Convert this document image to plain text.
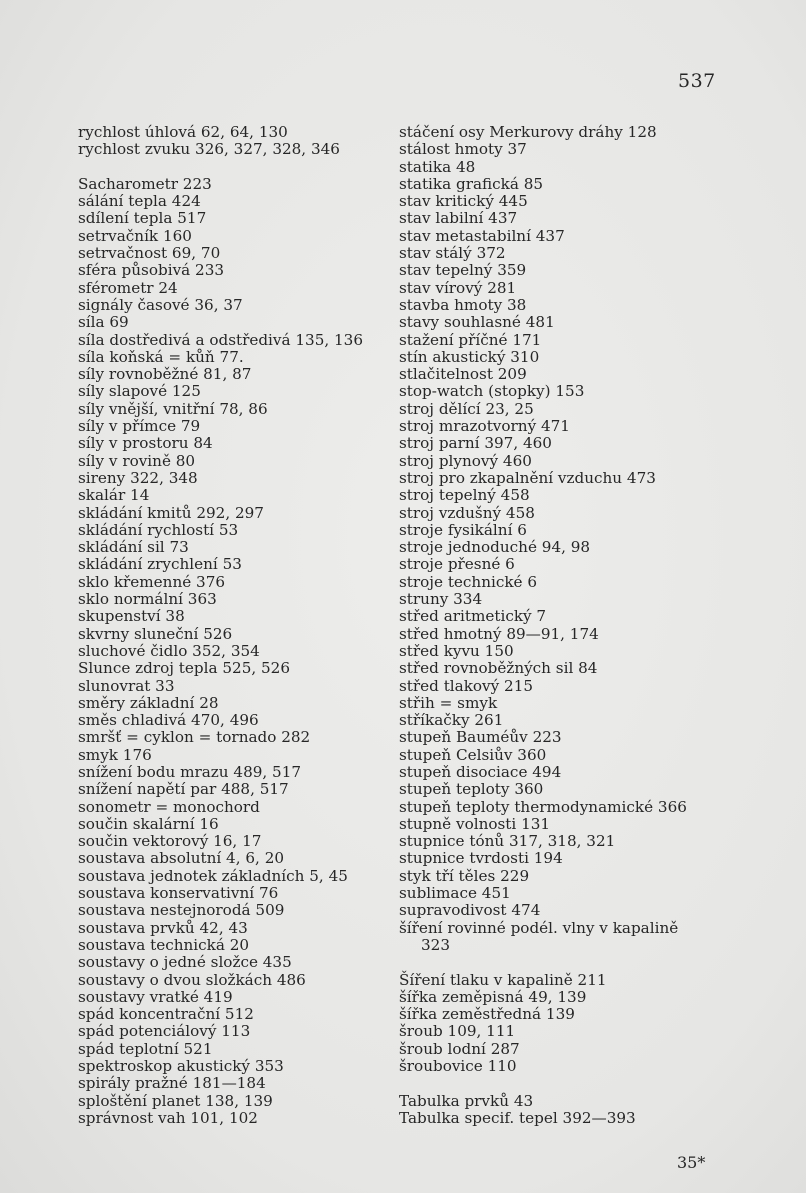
537
rychlost úhlová 62, 64, 130
rychlost zvuku 326, 327, 328, 346
Sacharometr 223
sálání tepla 424
sdílení tepla 517
setrvačník 160
setrvačnost 69, 70
sféra působivá 233
sférometr 24
signály časové 36, 37
síla 69
síla dostředivá a odstředivá 135, 136
síla koňská = kůň 77.
síly rovnoběžné 81, 87
síly slapové 125
síly vnější, vnitřní 78, 86
síly v přímce 79
síly v prostoru 84
síly v rovině 80
sireny 322, 348
skalár 14
skládání kmitů 292, 297
skládání rychlostí 53
skládání sil 73
skládání zrychlení 53
sklo křemenné 376
sklo normální 363
skupenství 38
skvrny sluneční 526
sluchové čidlo 352, 354
Slunce zdroj tepla 525, 526
slunovrat 33
směry základní 28
směs chladivá 470, 496
smršť = cyklon = tornado 282
smyk 176
snížení bodu mrazu 489, 517
snížení napětí par 488, 517
sonometr = monochord
součin skalární 16
součin vektorový 16, 17
soustava absolutní 4, 6, 20
soustava jednotek základních 5, 45
soustava konservativní 76
soustava nestejnorodá 509
soustava prvků 42, 43
soustava technická 20
soustavy o jedné složce 435
soustavy o dvou složkách 486
soustavy vratké 419
spád koncentrační 512
spád potenciálový 113
spád teplotní 521
spektroskop akustický 353
spirály pražné 181—184
sploštění planet 138, 139
správnost vah 101, 102
stáčení osy Merkurovy dráhy 128
stálost hmoty 37
statika 48
statika grafická 85
stav kritický 445
stav labilní 437
stav metastabilní 437
stav stálý 372
stav tepelný 359
stav vírový 281
stavba hmoty 38
stavy souhlasné 481
stažení příčné 171
stín akustický 310
stlačitelnost 209
stop-watch (stopky) 153
stroj dělící 23, 25
stroj mrazotvorný 471
stroj parní 397, 460
stroj plynový 460
stroj pro zkapalnění vzduchu 473
stroj tepelný 458
stroj vzdušný 458
stroje fysikální 6
stroje jednoduché 94, 98
stroje přesné 6
stroje technické 6
struny 334
střed aritmetický 7
střed hmotný 89—91, 174
střed kyvu 150
střed rovnoběžných sil 84
střed tlakový 215
střih = smyk
stříkačky 261
stupeň Bauméův 223
stupeň Celsiův 360
stupeň disociace 494
stupeň teploty 360
stupeň teploty thermodynamické 366
stupně volnosti 131
stupnice tónů 317, 318, 321
stupnice tvrdosti 194
styk tří těles 229
sublimace 451
supravodivost 474
šíření rovinné podél. vlny v kapalině
323
Šíření tlaku v kapalině 211
šířka zeměpisná 49, 139
šířka zeměstředná 139
šroub 109, 111
šroub lodní 287
šroubovice 110
Tabulka prvků 43
Tabulka specif. tepel 392—393
35*
